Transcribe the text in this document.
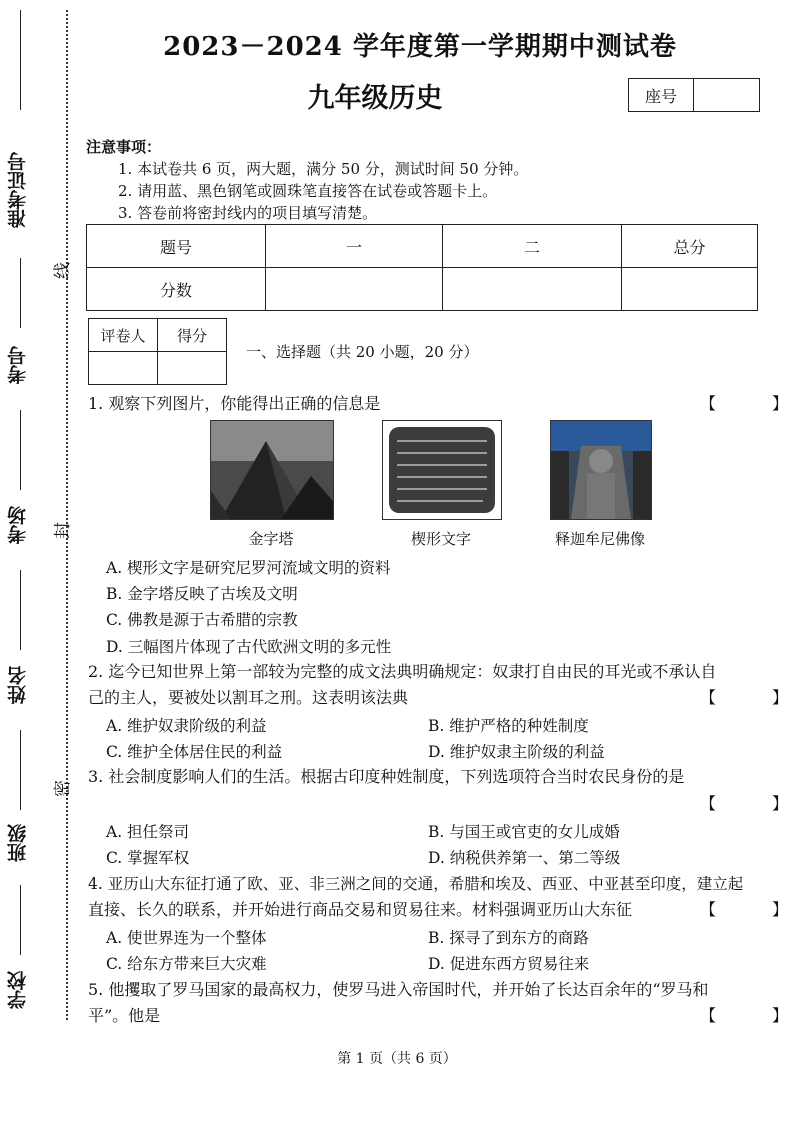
准考证号
考号
考场
姓名
班级
学校
线
封
密
2023－2024 学年度第一学期期中测试卷
九年级历史	座号
注意事项：
1. 本试卷共 6 页，两大题，满分 50 分，测试时间 50 分钟。
2. 请用蓝、黑色钢笔或圆珠笔直接答在试卷或答题卡上。
3. 答卷前将密封线内的项目填写清楚。
题号	一	二	总分
分数			
评卷人	得分

一、选择题（共 20 小题，20 分）
1. 观察下列图片，你能得出正确的信息是	【　】
金字塔	楔形文字	释迦牟尼佛像
A. 楔形文字是研究尼罗河流域文明的资料
B. 金字塔反映了古埃及文明
C. 佛教是源于古希腊的宗教
D. 三幅图片体现了古代欧洲文明的多元性
2. 迄今已知世界上第一部较为完整的成文法典明确规定：奴隶打自由民的耳光或不承认自
己的主人，要被处以割耳之刑。这表明该法典	【　】
A. 维护奴隶阶级的利益	B. 维护严格的种姓制度
C. 维护全体居住民的利益	D. 维护奴隶主阶级的利益
3. 社会制度影响人们的生活。根据古印度种姓制度，下列选项符合当时农民身份的是
【　】
A. 担任祭司	B. 与国王或官吏的女儿成婚
C. 掌握军权	D. 纳税供养第一、第二等级
4. 亚历山大东征打通了欧、亚、非三洲之间的交通，希腊和埃及、西亚、中亚甚至印度，建立起
直接、长久的联系，并开始进行商品交易和贸易往来。材料强调亚历山大东征	【　】
A. 使世界连为一个整体	B. 探寻了到东方的商路
C. 给东方带来巨大灾难	D. 促进东西方贸易往来
5. 他攫取了罗马国家的最高权力，使罗马进入帝国时代，并开始了长达百余年的“罗马和
平”。他是	【　】
第 1 页（共 6 页）
